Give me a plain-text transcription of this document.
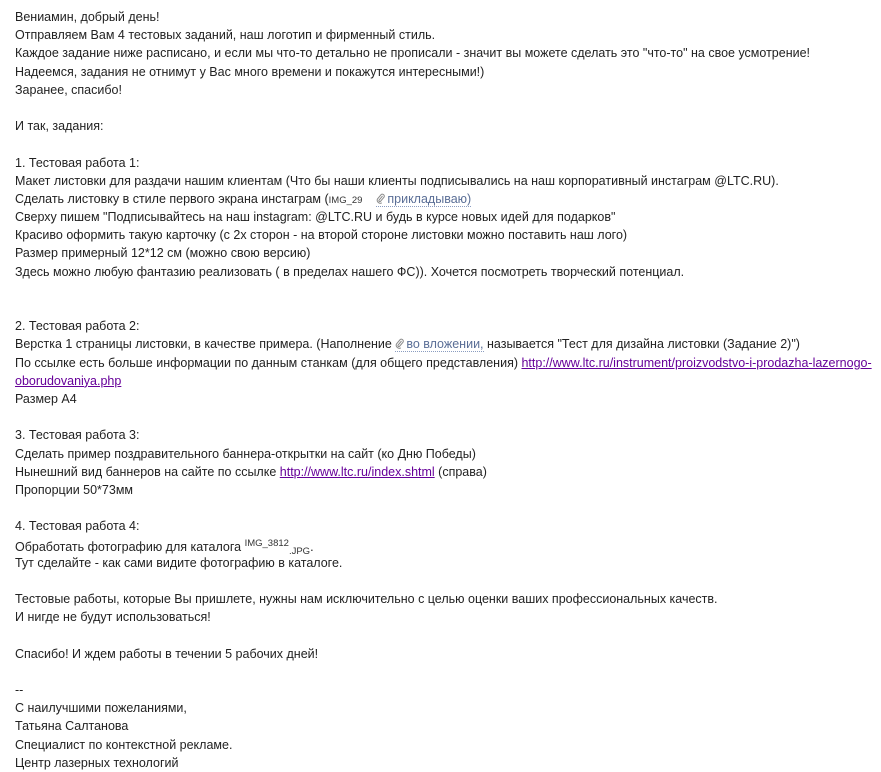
Вениамин, добрый день!
Отправляем Вам 4 тестовых заданий, наш логотип и фирменный стиль.
Каждое задание ниже расписано, и если мы что-то детально не прописали - значит вы можете сделать это "что-то" на свое усмотрение!
Надеемся, задания не отнимут у Вас много времени и покажутся интересными!)
Заранее, спасибо!
И так, задания:
1. Тестовая работа 1:
Макет листовки для раздачи нашим клиентам (Что бы наши клиенты подписывались на наш корпоративный инстаграм @LTC.RU).
Сделать листовку в стиле первого экрана инстаграм (IMG_29 прикладываю)
Сверху пишем "Подписывайтесь на наш instagram: @LTC.RU и будь в курсе новых идей для подарков"
Красиво оформить такую карточку (с 2х сторон - на второй стороне листовки можно поставить наш лого)
Размер примерный 12*12 см (можно свою версию)
Здесь можно любую фантазию реализовать ( в пределах нашего ФС)). Хочется посмотреть творческий потенциал.
2. Тестовая работа 2:
Верстка 1 страницы листовки, в качестве примера. (Наполнение во вложении, называется "Тест для дизайна листовки (Задание 2)")
По ссылке есть больше информации по данным станкам (для общего представления) http://www.ltc.ru/instrument/proizvodstvo-i-prodazha-lazernogo-
oborudovaniya.php
Размер А4
3. Тестовая работа 3:
Сделать пример поздравительного баннера-открытки на сайт (ко Дню Победы)
Нынешний вид баннеров на сайте по ссылке http://www.ltc.ru/index.shtml (справа)
Пропорции 50*73мм
4. Тестовая работа 4:
Обработать фотографию для каталога $^{IMG\_3812}_{.JPG}$.
Тут сделайте - как сами видите фотографию в каталоге.
Тестовые работы, которые Вы пришлете, нужны нам исключительно с целью оценки ваших профессиональных качеств.
И нигде не будут использоваться!
Спасибо! И ждем работы в течении 5 рабочих дней!
--
С наилучшими пожеланиями,
Татьяна Салтанова
Специалист по контекстной рекламе.
Центр лазерных технологий
